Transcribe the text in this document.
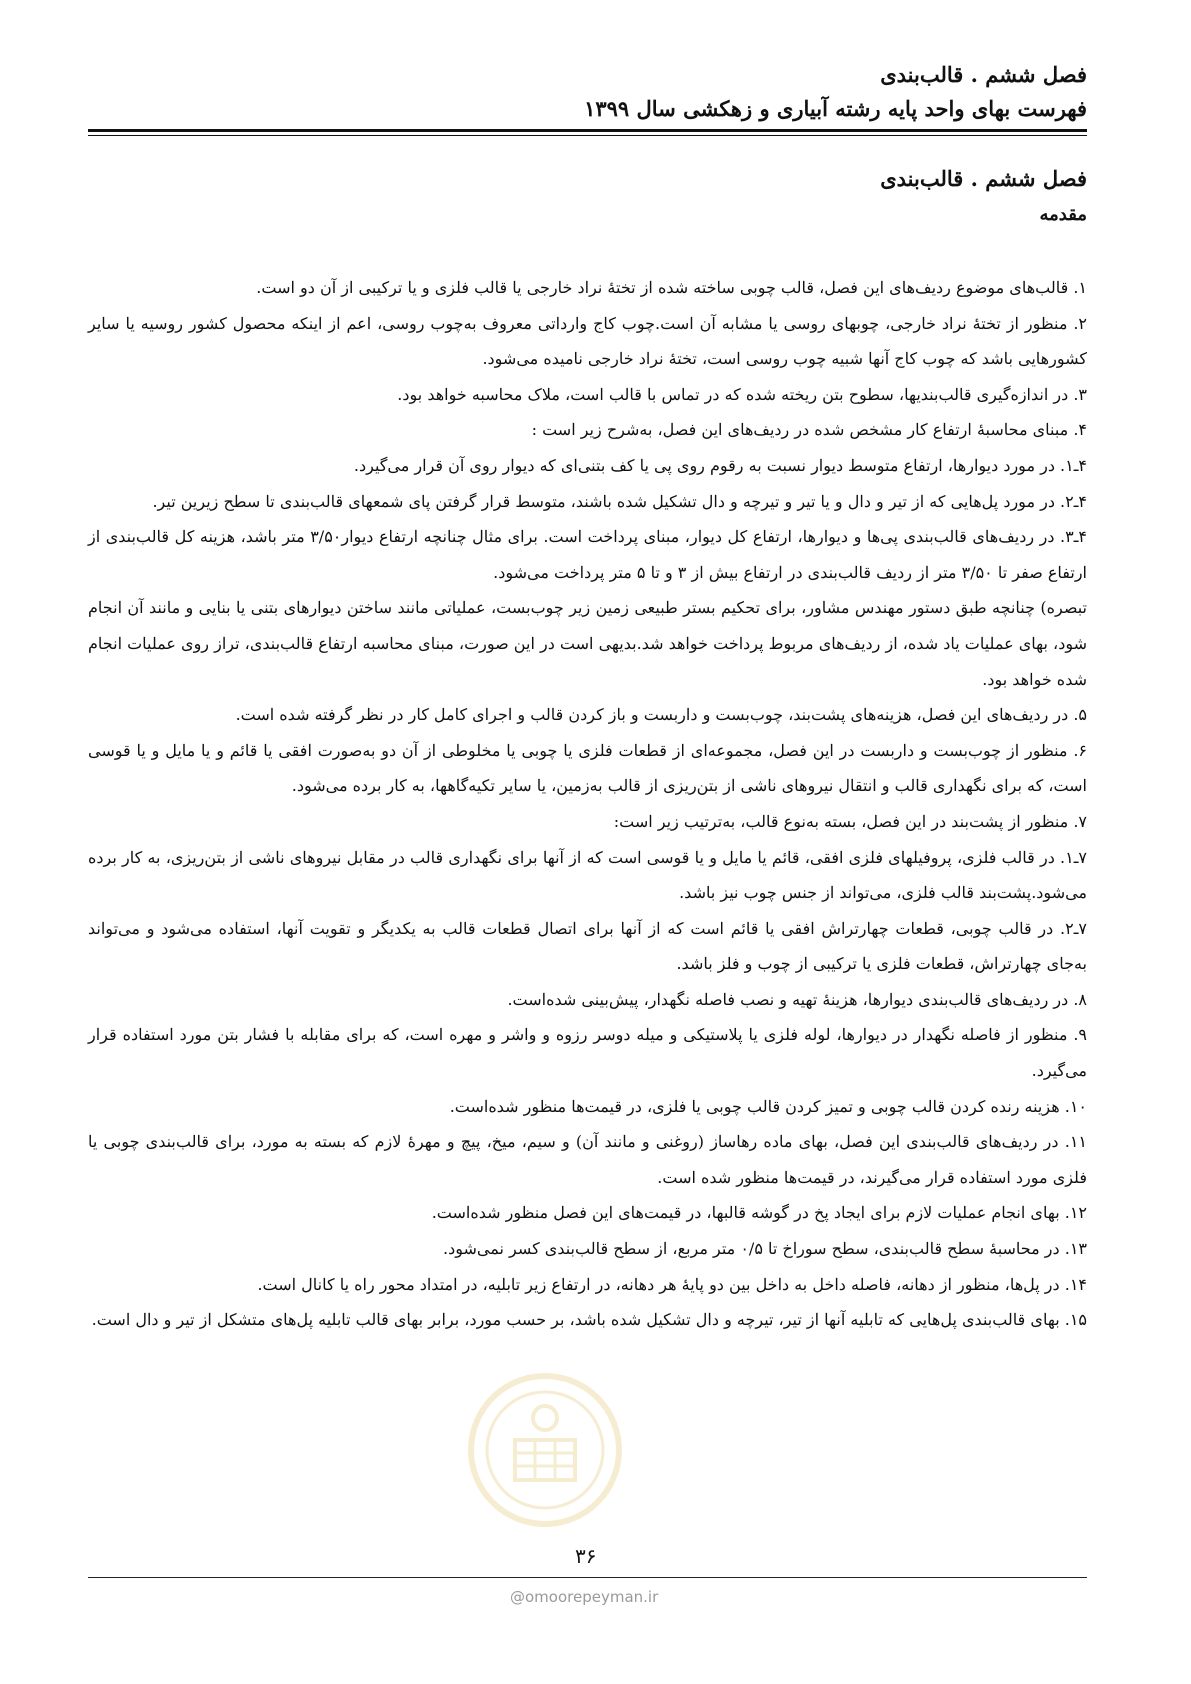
فصل ششم . قالب‌بندی
فهرست بهای واحد پایه رشته آبیاری و زهکشی سال ۱۳۹۹
فصل ششم . قالب‌بندی
مقدمه

۱. قالب‌های موضوع ردیف‌های این فصل، قالب چوبی ساخته شده از تختهٔ نراد خارجی یا قالب فلزی و یا ترکیبی از آن دو است.

۲. منظور از تختهٔ نراد خارجی، چوبهای روسی یا مشابه آن است.چوب کاج وارداتی معروف به‌چوب روسی، اعم از اینکه محصول کشور روسیه یا سایر کشورهایی باشد که چوب کاج آنها شبیه چوب روسی است، تختهٔ نراد خارجی نامیده می‌شود.

۳. در اندازه‌گیری قالب‌بندیها، سطوح بتن ریخته شده که در تماس با قالب است، ملاک محاسبه خواهد بود.

۴. مبنای محاسبهٔ ارتفاع کار مشخص شده در ردیف‌های این فصل، به‌شرح زیر است :

۴ـ۱. در مورد دیوارها، ارتفاع متوسط دیوار نسبت به رقوم روی پی یا کف بتنی‌ای که دیوار روی آن قرار می‌گیرد.

۴ـ۲. در مورد پل‌هایی که از تیر و دال و یا تیر و تیرچه و دال تشکیل شده باشند، متوسط قرار گرفتن پای شمعهای قالب‌بندی تا سطح زیرین تیر.

۴ـ۳. در ردیف‌های قالب‌بندی پی‌ها و دیوارها، ارتفاع کل دیوار، مبنای پرداخت است. برای مثال چنانچه ارتفاع دیوار۳/۵۰ متر باشد، هزینه کل قالب‌بندی از ارتفاع صفر تا ۳/۵۰ متر از ردیف قالب‌بندی در ارتفاع بیش از ۳ و تا ۵ متر پرداخت می‌شود.

تبصره) چنانچه طبق دستور مهندس مشاور، برای تحکیم بستر طبیعی زمین زیر چوب‌بست، عملیاتی مانند ساختن دیوارهای بتنی یا بنایی و مانند آن انجام شود، بهای عملیات یاد شده، از ردیف‌های مربوط پرداخت خواهد شد.بدیهی است در این صورت، مبنای محاسبه ارتفاع قالب‌بندی، تراز روی عملیات انجام شده خواهد بود.

۵. در ردیف‌های این فصل، هزینه‌های پشت‌بند، چوب‌بست و داربست و باز کردن قالب و اجرای کامل کار در نظر گرفته شده است.

۶. منظور از چوب‌بست و داربست در این فصل، مجموعه‌ای از قطعات فلزی یا چوبی یا مخلوطی از آن دو به‌صورت افقی یا قائم و یا مایل و یا قوسی است، که برای نگهداری قالب و انتقال نیروهای ناشی از بتن‌ریزی از قالب به‌زمین، یا سایر تکیه‌گاهها، به کار برده می‌شود.

۷. منظور از پشت‌بند در این فصل، بسته به‌نوع قالب، به‌ترتیب زیر است:

۷ـ۱. در قالب فلزی، پروفیلهای فلزی افقی، قائم یا مایل و یا قوسی است که از آنها برای نگهداری قالب در مقابل نیروهای ناشی از بتن‌ریزی، به کار برده می‌شود.پشت‌بند قالب فلزی، می‌تواند از جنس چوب نیز باشد.

۷ـ۲. در قالب چوبی، قطعات چهارتراش افقی یا قائم است که از آنها برای اتصال قطعات قالب به یکدیگر و تقویت آنها، استفاده می‌شود و می‌تواند به‌جای چهارتراش، قطعات فلزی یا ترکیبی از چوب و فلز باشد.

۸. در ردیف‌های قالب‌بندی دیوارها، هزینهٔ تهیه و نصب فاصله نگهدار، پیش‌بینی شده‌است.

۹. منظور از فاصله نگهدار در دیوارها، لوله فلزی یا پلاستیکی و میله دوسر رزوه و واشر و مهره است، که برای مقابله با فشار بتن مورد استفاده قرار می‌گیرد.

۱۰. هزینه رنده کردن قالب چوبی و تمیز کردن قالب چوبی یا فلزی، در قیمت‌ها منظور شده‌است.

۱۱. در ردیف‌های قالب‌بندی این فصل، بهای ماده رهاساز (روغنی و مانند آن) و سیم، میخ، پیچ و مهرهٔ لازم که بسته به مورد، برای قالب‌بندی چوبی یا فلزی مورد استفاده قرار می‌گیرند، در قیمت‌ها منظور شده است.

۱۲. بهای انجام عملیات لازم برای ایجاد پخ در گوشه قالبها، در قیمت‌های این فصل منظور شده‌است.

۱۳. در محاسبهٔ سطح قالب‌بندی، سطح سوراخ تا ۰/۵ متر مربع، از سطح قالب‌بندی کسر نمی‌شود.

۱۴. در پل‌ها، منظور از دهانه، فاصله داخل به داخل بین دو پایهٔ هر دهانه، در ارتفاع زیر تابلیه، در امتداد محور راه یا کانال است.

۱۵. بهای قالب‌بندی پل‌هایی که تابلیه آنها از تیر، تیرچه و دال تشکیل شده باشد، بر حسب مورد، برابر بهای قالب تابلیه پل‌های متشکل از تیر و دال است.

۳۶
@omoorepeyman.ir
